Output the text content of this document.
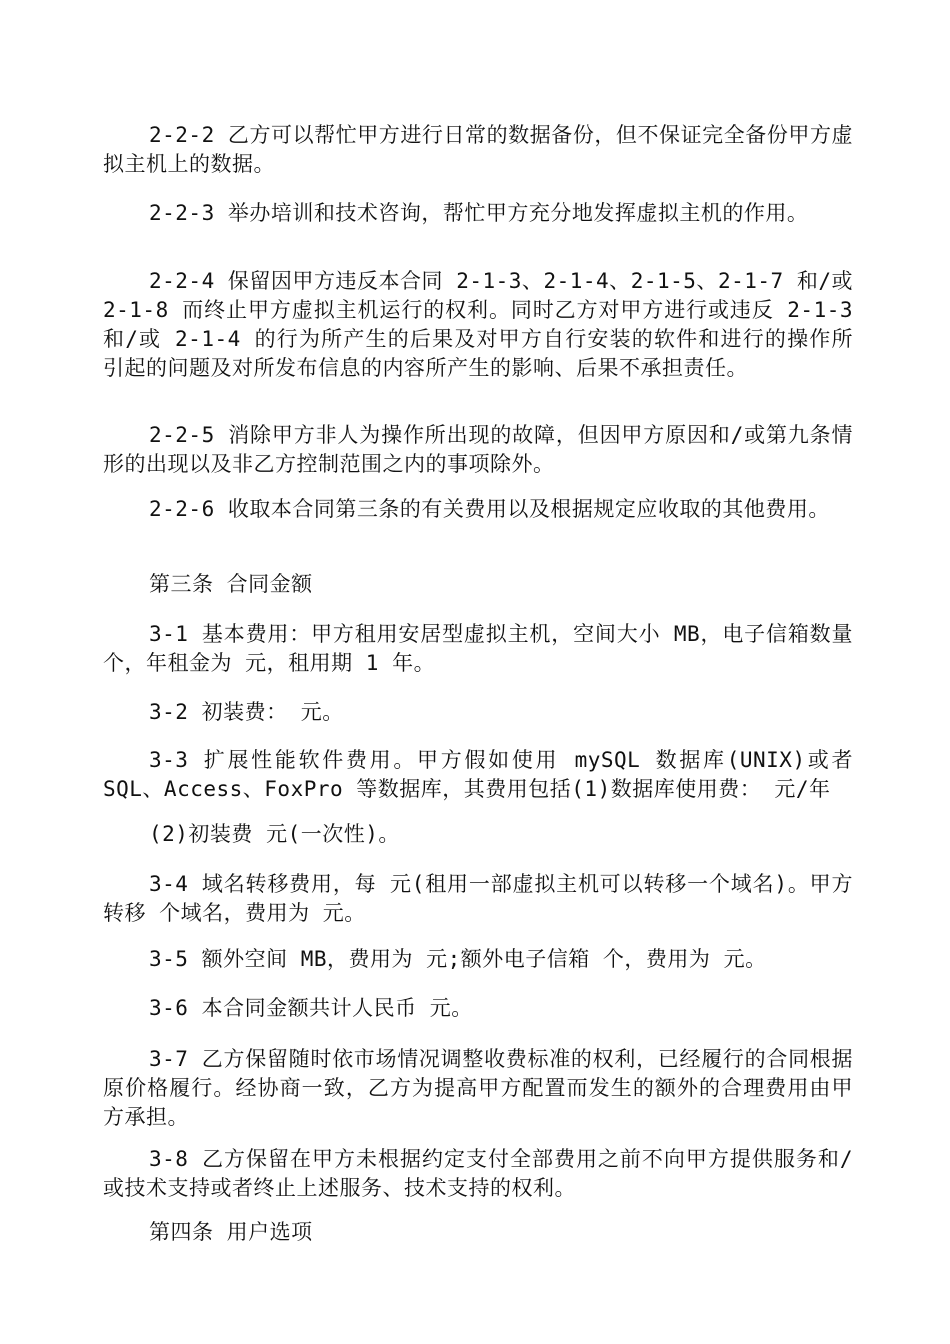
2-2-2 乙方可以帮忙甲方进行日常的数据备份，但不保证完全备份甲方虚拟主机上的数据。

2-2-3 举办培训和技术咨询，帮忙甲方充分地发挥虚拟主机的作用。

2-2-4 保留因甲方违反本合同 2-1-3、2-1-4、2-1-5、2-1-7 和/或 2-1-8 而终止甲方虚拟主机运行的权利。同时乙方对甲方进行或违反 2-1-3 和/或 2-1-4 的行为所产生的后果及对甲方自行安装的软件和进行的操作所引起的问题及对所发布信息的内容所产生的影响、后果不承担责任。

2-2-5 消除甲方非人为操作所出现的故障，但因甲方原因和/或第九条情形的出现以及非乙方控制范围之内的事项除外。

2-2-6 收取本合同第三条的有关费用以及根据规定应收取的其他费用。

第三条 合同金额

3-1 基本费用：甲方租用安居型虚拟主机，空间大小 MB，电子信箱数量 个，年租金为 元，租用期 1 年。

3-2 初装费： 元。

3-3 扩展性能软件费用。甲方假如使用 mySQL 数据库(UNIX)或者 SQL、Access、FoxPro 等数据库，其费用包括(1)数据库使用费： 元/年

(2)初装费 元(一次性)。

3-4 域名转移费用，每 元(租用一部虚拟主机可以转移一个域名)。甲方转移 个域名，费用为 元。

3-5 额外空间 MB，费用为 元;额外电子信箱 个，费用为 元。

3-6 本合同金额共计人民币 元。

3-7 乙方保留随时依市场情况调整收费标准的权利，已经履行的合同根据原价格履行。经协商一致，乙方为提高甲方配置而发生的额外的合理费用由甲方承担。

3-8 乙方保留在甲方未根据约定支付全部费用之前不向甲方提供服务和/或技术支持或者终止上述服务、技术支持的权利。

第四条 用户选项
